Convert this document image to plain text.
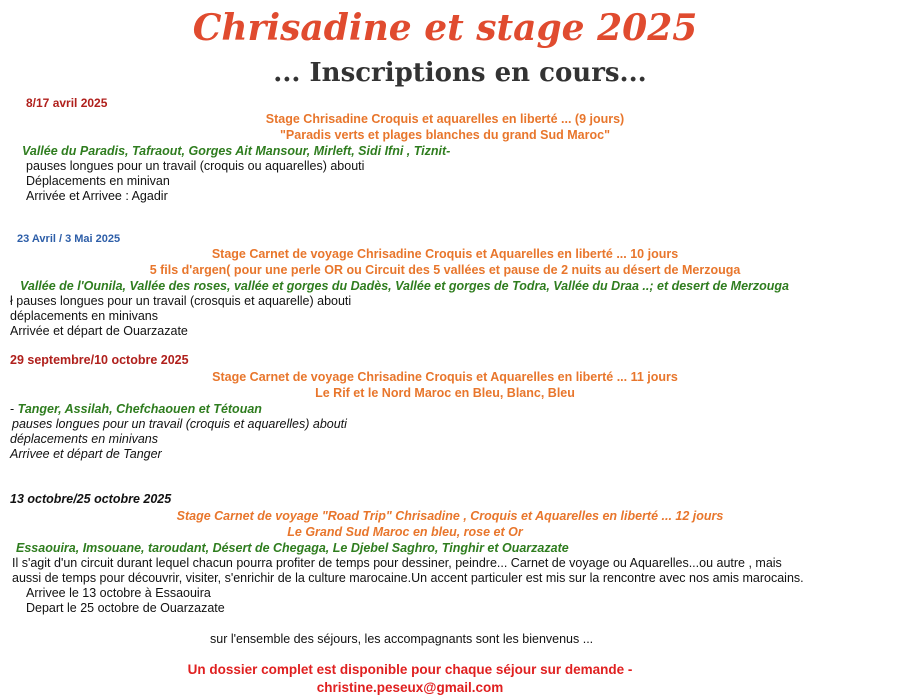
Chrisadine et stage 2025
... Inscriptions en cours...
8/17 avril 2025
Stage Chrisadine Croquis et aquarelles en liberté ... (9 jours)
"Paradis verts et plages blanches du grand Sud Maroc"
Vallée du Paradis, Tafraout, Gorges Ait Mansour, Mirleft, Sidi Ifni , Tiznit-
pauses longues pour un travail (croquis ou aquarelles) abouti
Déplacements en minivan
Arrivée et Arrivee : Agadir
23 Avril / 3 Mai 2025
Stage Carnet de voyage Chrisadine Croquis et Aquarelles en liberté ... 10 jours
5 fils d'argen( pour une perle OR ou Circuit des 5 vallées et pause de 2 nuits au désert de Merzouga
Vallée de l'Ounila, Vallée des roses, vallée et gorges du Dadès, Vallée et gorges de Todra, Vallée du Draa ..; et desert de Merzouga
ł pauses longues pour un travail (crosquis et aquarelle) abouti
déplacements en minivans
Arrivée et départ de Ouarzazate
29 septembre/10 octobre 2025
Stage Carnet de voyage Chrisadine Croquis et Aquarelles en liberté ... 11 jours
Le Rif et le Nord Maroc en Bleu, Blanc, Bleu
- Tanger, Assilah, Chefchaouen et Tétouan
pauses longues pour un travail (croquis et aquarelles) abouti
déplacements en minivans
Arrivee et départ de Tanger
13 octobre/25 octobre 2025
Stage Carnet de voyage "Road Trip" Chrisadine , Croquis et Aquarelles en liberté ... 12 jours
Le Grand Sud Maroc en bleu, rose et Or
Essaouira, Imsouane, taroudant, Désert de Chegaga, Le Djebel Saghro, Tinghir et Ouarzazate
Il s'agit d'un circuit durant lequel chacun pourra profiter de temps pour dessiner, peindre... Carnet de voyage ou Aquarelles...ou autre , mais
aussi de temps pour découvrir, visiter, s'enrichir de la culture marocaine.Un accent particuler est mis sur la rencontre avec nos amis marocains.
Arrivee le 13 octobre à Essaouira
Depart le 25 octobre de Ouarzazate
sur l'ensemble des séjours, les accompagnants sont les bienvenus ...
Un dossier complet est disponible pour chaque séjour sur demande -
christine.peseux@gmail.com
